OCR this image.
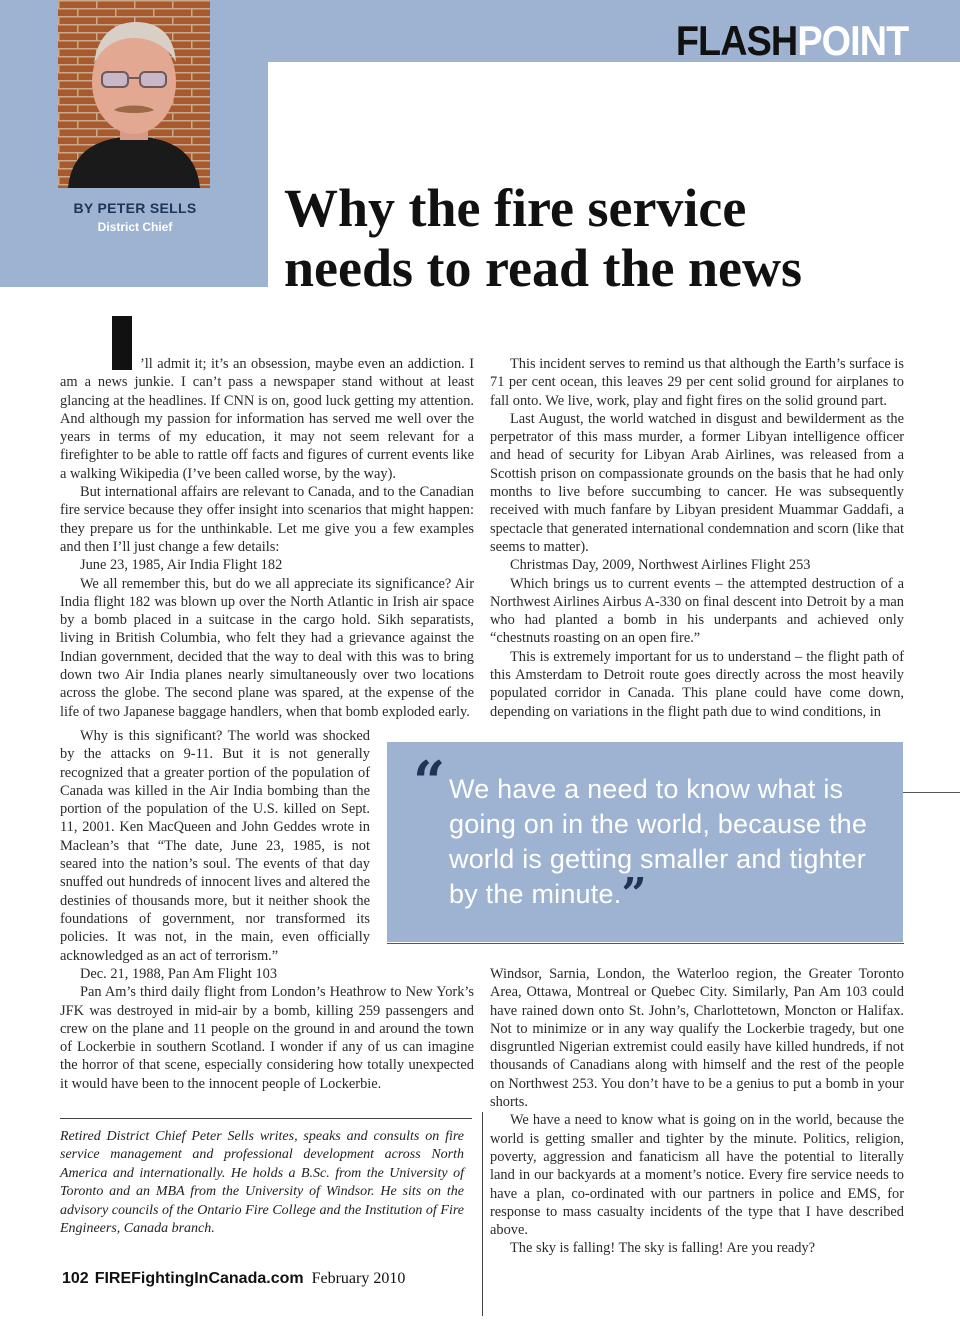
BY PETER SELLS
District Chief
FLASHPOINT
Why the fire service
needs to read the news

’ll admit it; it’s an obsession, maybe even an addiction. I am a news junkie. I can’t pass a newspaper stand without at least glancing at the headlines. If CNN is on, good luck getting my attention. And although my passion for information has served me well over the years in terms of my education, it may not seem relevant for a firefighter to be able to rattle off facts and figures of current events like a walking Wikipedia (I’ve been called worse, by the way).

But international affairs are relevant to Canada, and to the Canadian fire service because they offer insight into scenarios that might happen: they prepare us for the unthinkable. Let me give you a few examples and then I’ll just change a few details:

June 23, 1985, Air India Flight 182

We all remember this, but do we all appreciate its significance? Air India flight 182 was blown up over the North Atlantic in Irish air space by a bomb placed in a suitcase in the cargo hold. Sikh separatists, living in British Columbia, who felt they had a grievance against the Indian government, decided that the way to deal with this was to bring down two Air India planes nearly simultaneously over two locations across the globe. The second plane was spared, at the expense of the life of two Japanese baggage handlers, when that bomb exploded early.

Why is this significant? The world was shocked by the attacks on 9-11. But it is not generally recognized that a greater portion of the population of Canada was killed in the Air India bombing than the portion of the population of the U.S. killed on Sept. 11, 2001. Ken MacQueen and John Geddes wrote in Maclean’s that “The date, June 23, 1985, is not seared into the nation’s soul. The events of that day snuffed out hundreds of innocent lives and altered the destinies of thousands more, but it neither shook the foundations of government, nor transformed its policies. It was not, in the main, even officially acknowledged as an act of terrorism.”

Dec. 21, 1988, Pan Am Flight 103

Pan Am’s third daily flight from London’s Heathrow to New York’s JFK was destroyed in mid-air by a bomb, killing 259 passengers and crew on the plane and 11 people on the ground in and around the town of Lockerbie in southern Scotland. I wonder if any of us can imagine the horror of that scene, especially considering how totally unexpected it would have been to the innocent people of Lockerbie.

This incident serves to remind us that although the Earth’s surface is 71 per cent ocean, this leaves 29 per cent solid ground for airplanes to fall onto. We live, work, play and fight fires on the solid ground part.

Last August, the world watched in disgust and bewilderment as the perpetrator of this mass murder, a former Libyan intelligence officer and head of security for Libyan Arab Airlines, was released from a Scottish prison on compassionate grounds on the basis that he had only months to live before succumbing to cancer. He was subsequently received with much fanfare by Libyan president Muammar Gaddafi, a spectacle that generated international condemnation and scorn (like that seems to matter).

Christmas Day, 2009, Northwest Airlines Flight 253

Which brings us to current events – the attempted destruction of a Northwest Airlines Airbus A-330 on final descent into Detroit by a man who had planted a bomb in his underpants and achieved only “chestnuts roasting on an open fire.”

This is extremely important for us to understand – the flight path of this Amsterdam to Detroit route goes directly across the most heavily populated corridor in Canada. This plane could have come down, depending on variations in the flight path due to wind conditions, in

“ We have a need to know what is going on in the world, because the world is getting smaller and tighter by the minute.”

Windsor, Sarnia, London, the Waterloo region, the Greater Toronto Area, Ottawa, Montreal or Quebec City. Similarly, Pan Am 103 could have rained down onto St. John’s, Charlottetown, Moncton or Halifax. Not to minimize or in any way qualify the Lockerbie tragedy, but one disgruntled Nigerian extremist could easily have killed hundreds, if not thousands of Canadians along with himself and the rest of the people on Northwest 253. You don’t have to be a genius to put a bomb in your shorts.

We have a need to know what is going on in the world, because the world is getting smaller and tighter by the minute. Politics, religion, poverty, aggression and fanaticism all have the potential to literally land in our backyards at a moment’s notice. Every fire service needs to have a plan, co-ordinated with our partners in police and EMS, for response to mass casualty incidents of the type that I have described above.

The sky is falling! The sky is falling! Are you ready?

Retired District Chief Peter Sells writes, speaks and consults on fire service management and professional development across North America and internationally. He holds a B.Sc. from the University of Toronto and an MBA from the University of Windsor. He sits on the advisory councils of the Ontario Fire College and the Institution of Fire Engineers, Canada branch.

102 FIREFightingInCanada.com February 2010
